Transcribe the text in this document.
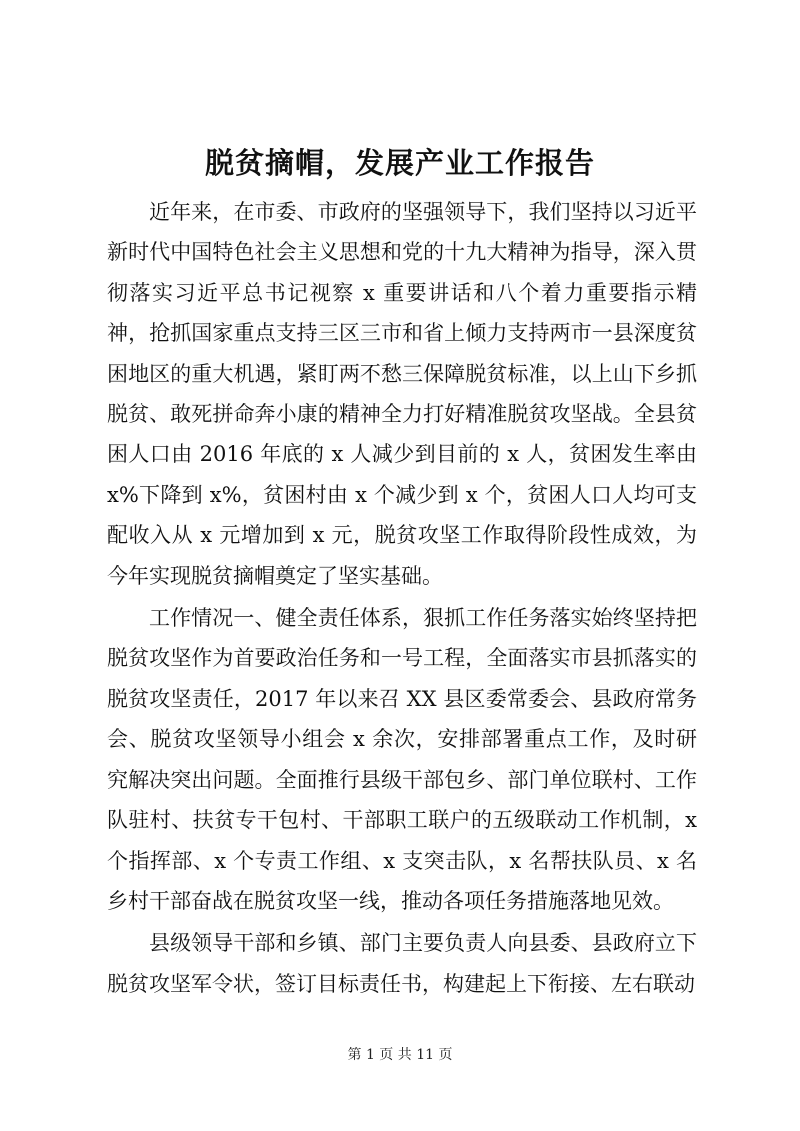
脱贫摘帽，发展产业工作报告

近年来，在市委、市政府的坚强领导下，我们坚持以习近平新时代中国特色社会主义思想和党的十九大精神为指导，深入贯彻落实习近平总书记视察 x 重要讲话和八个着力重要指示精神，抢抓国家重点支持三区三市和省上倾力支持两市一县深度贫困地区的重大机遇，紧盯两不愁三保障脱贫标准，以上山下乡抓脱贫、敢死拼命奔小康的精神全力打好精准脱贫攻坚战。全县贫困人口由 2016 年底的 x 人减少到目前的 x 人，贫困发生率由 x%下降到 x%，贫困村由 x 个减少到 x 个，贫困人口人均可支配收入从 x 元增加到 x 元，脱贫攻坚工作取得阶段性成效，为今年实现脱贫摘帽奠定了坚实基础。

工作情况一、健全责任体系，狠抓工作任务落实始终坚持把脱贫攻坚作为首要政治任务和一号工程，全面落实市县抓落实的脱贫攻坚责任，2017 年以来召 XX 县区委常委会、县政府常务会、脱贫攻坚领导小组会 x 余次，安排部署重点工作，及时研究解决突出问题。全面推行县级干部包乡、部门单位联村、工作队驻村、扶贫专干包村、干部职工联户的五级联动工作机制，x 个指挥部、x 个专责工作组、x 支突击队，x 名帮扶队员、x 名乡村干部奋战在脱贫攻坚一线，推动各项任务措施落地见效。

县级领导干部和乡镇、部门主要负责人向县委、县政府立下脱贫攻坚军令状，签订目标责任书，构建起上下衔接、左右联动

第 1 页 共 11 页
